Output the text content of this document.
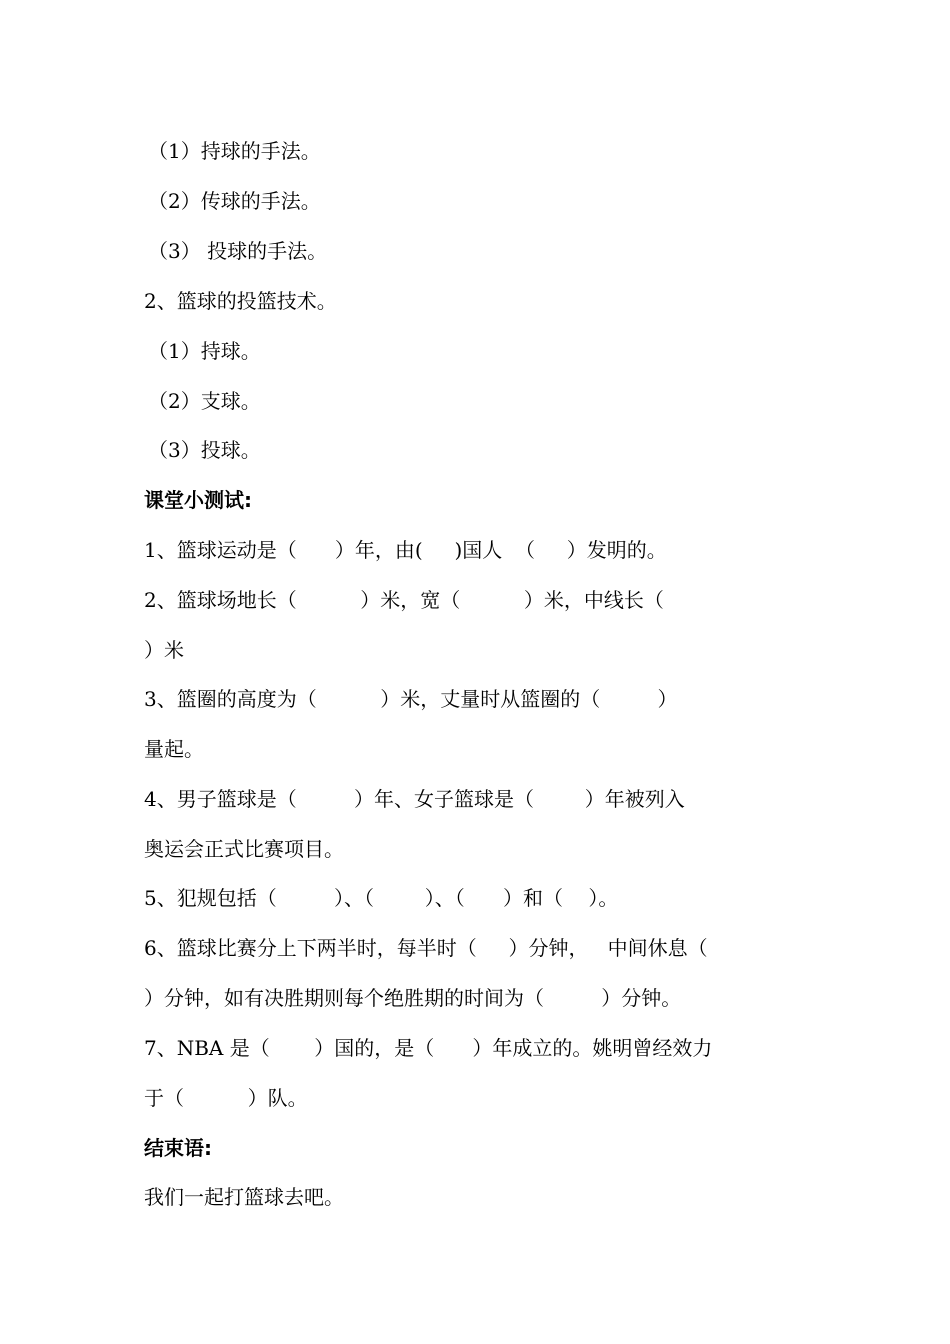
（1）持球的手法。
（2）传球的手法。
（3） 投球的手法。
2、篮球的投篮技术。
（1）持球。
（2）支球。
（3）投球。
课堂小测试:
1、篮球运动是（      ）年，由(     )国人  （     ）发明的。
2、篮球场地长（          ）米，宽（          ）米，中线长（
）米
3、篮圈的高度为（          ）米，丈量时从篮圈的（         ）
量起。
4、男子篮球是（         ）年、女子篮球是（        ）年被列入
奥运会正式比赛项目。
5、犯规包括（         ）、（        ）、（      ）和（    ）。
6、篮球比赛分上下两半时，每半时（     ）分钟，   中间休息（
）分钟，如有决胜期则每个绝胜期的时间为（         ）分钟。
7、NBA 是（       ）国的，是（      ）年成立的。姚明曾经效力
于（          ）队。
结束语:
我们一起打篮球去吧。
